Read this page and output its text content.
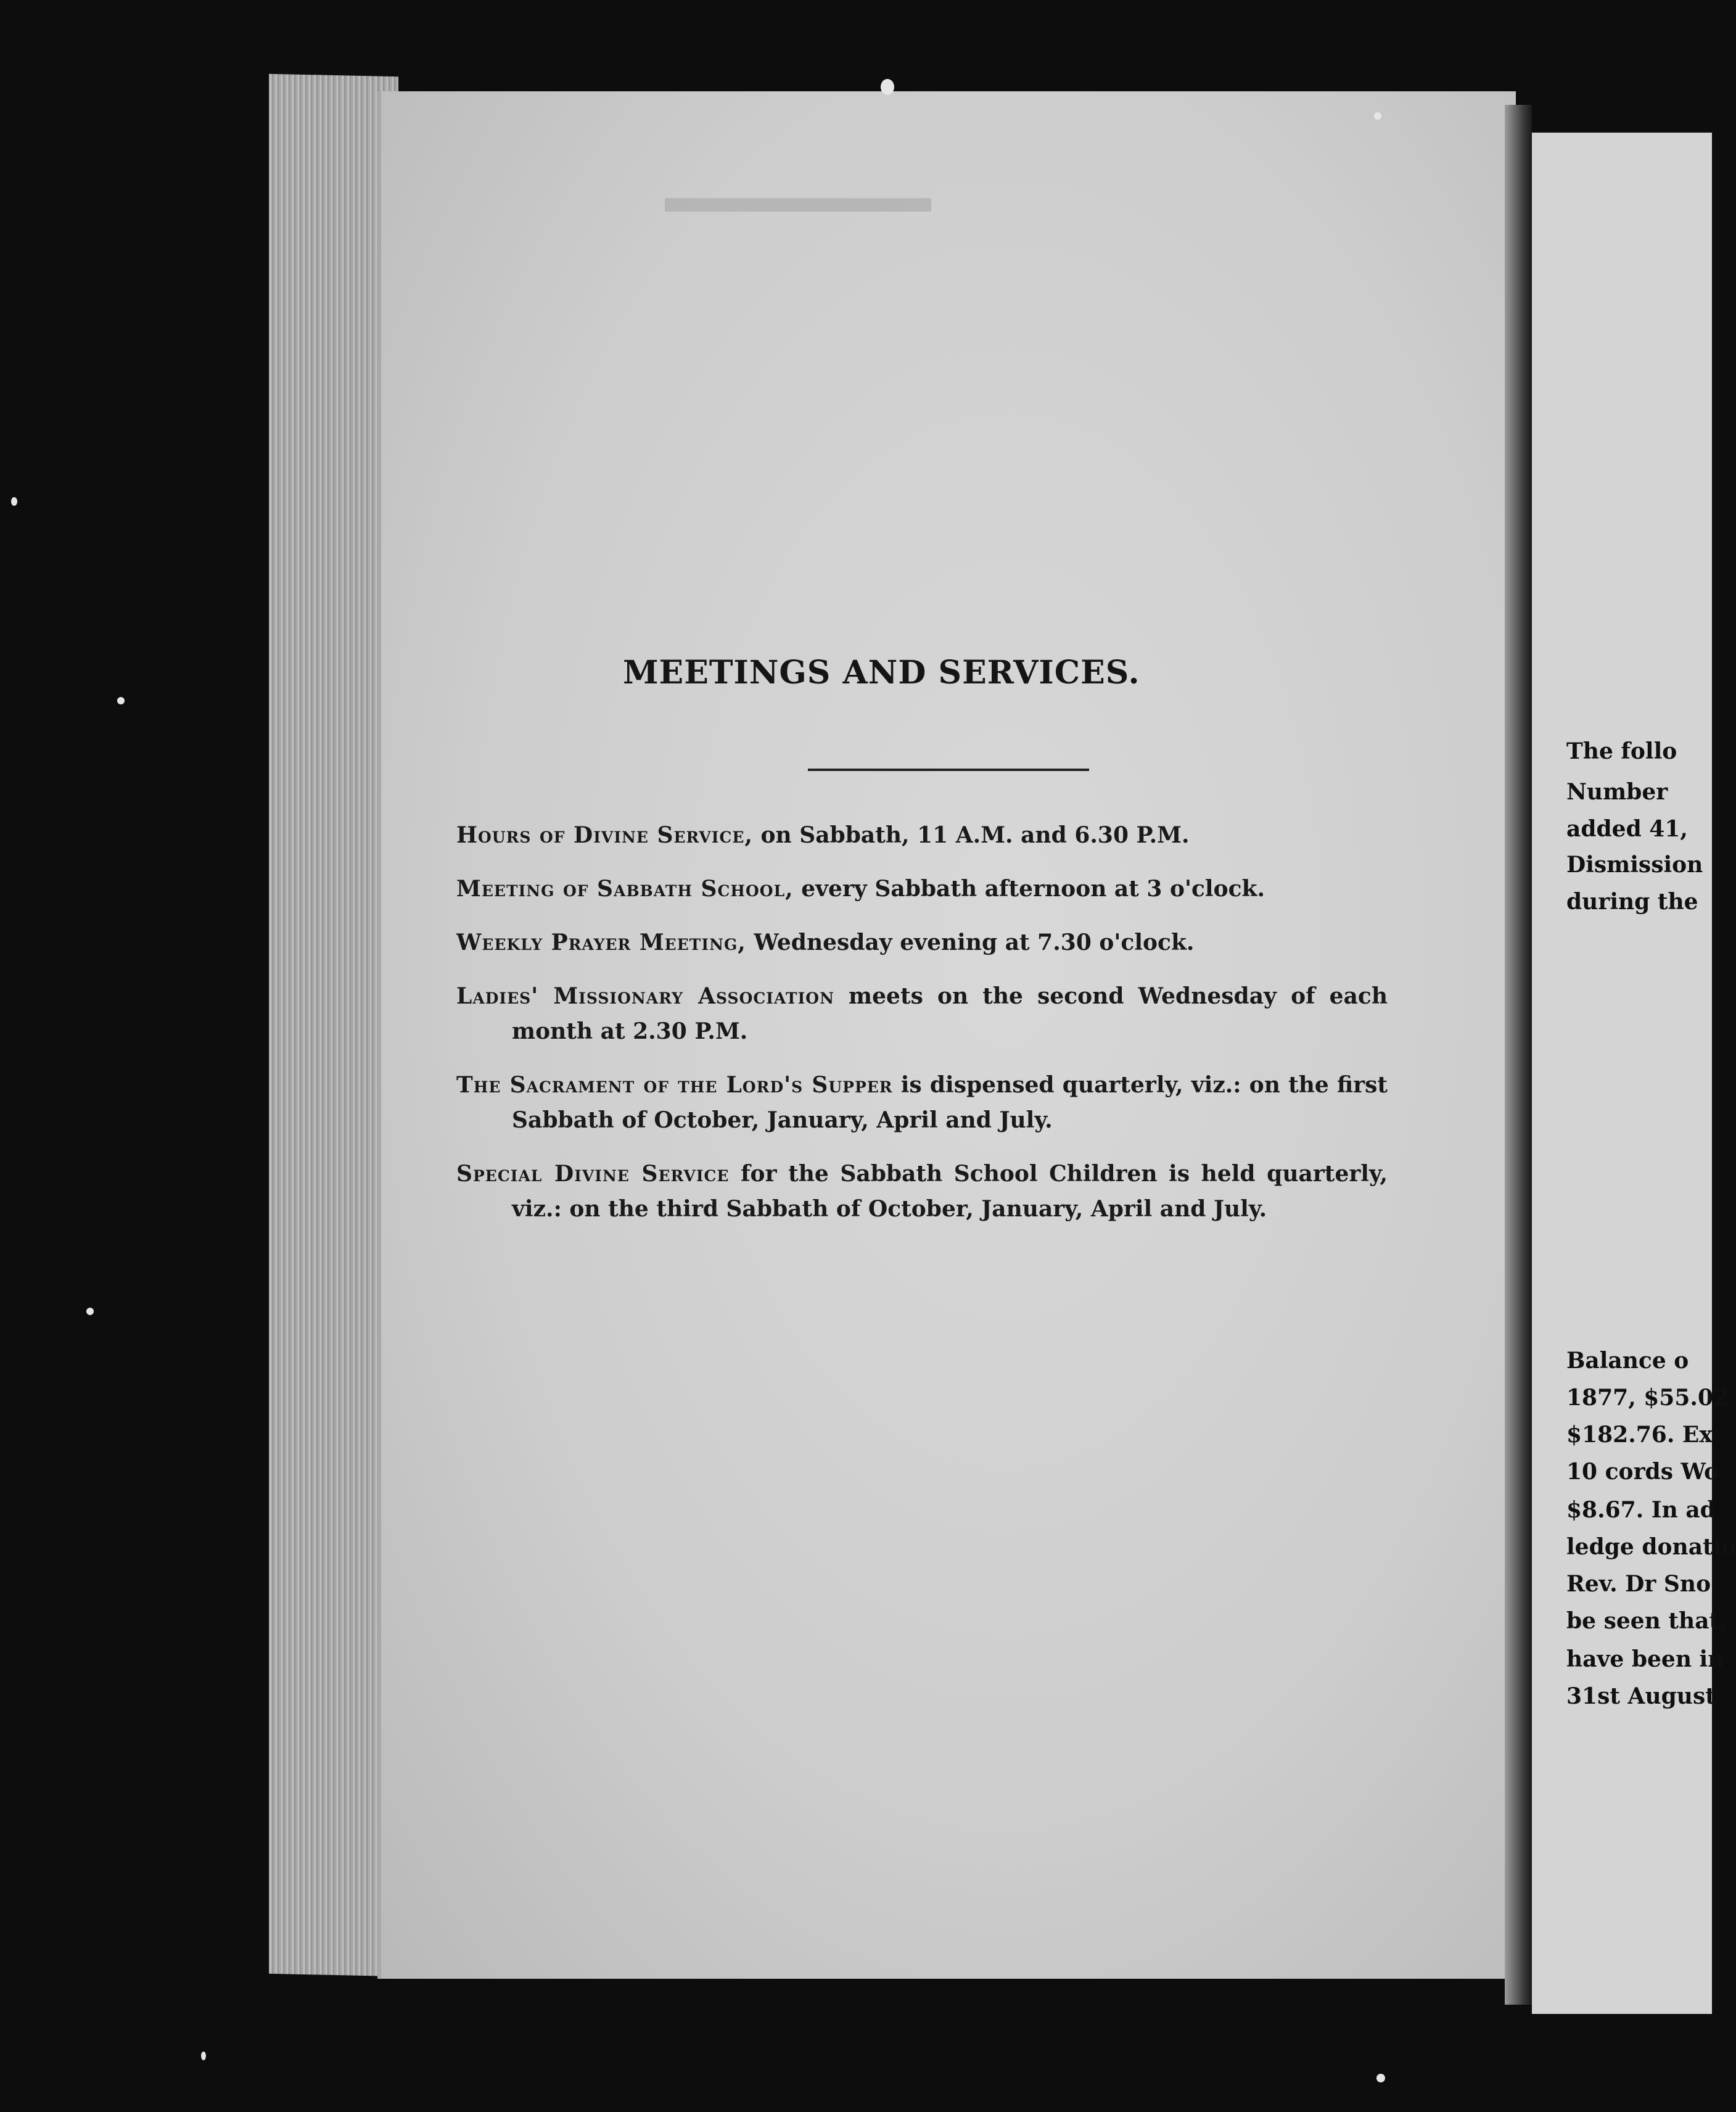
▬▬▬▬▬▬
The follo
Number
added 41,
Dismission
during the
Balance o
1877, $55.02
$182.76. Ex
10 cords Wo
$8.67. In ad
ledge donatio
Rev. Dr Sno
be seen that,
have been in
31st August
MEETINGS AND SERVICES.
Hours of Divine Service, on Sabbath, 11 A.M. and 6.30 P.M.
Meeting of Sabbath School, every Sabbath afternoon at 3 o'clock.
Weekly Prayer Meeting, Wednesday evening at 7.30 o'clock.
Ladies' Missionary Association meets on the second Wednesday of each month at 2.30 P.M.
The Sacrament of the Lord's Supper is dispensed quarterly, viz.: on the first Sabbath of October, January, April and July.
Special Divine Service for the Sabbath School Children is held quarterly, viz.: on the third Sabbath of October, January, April and July.
